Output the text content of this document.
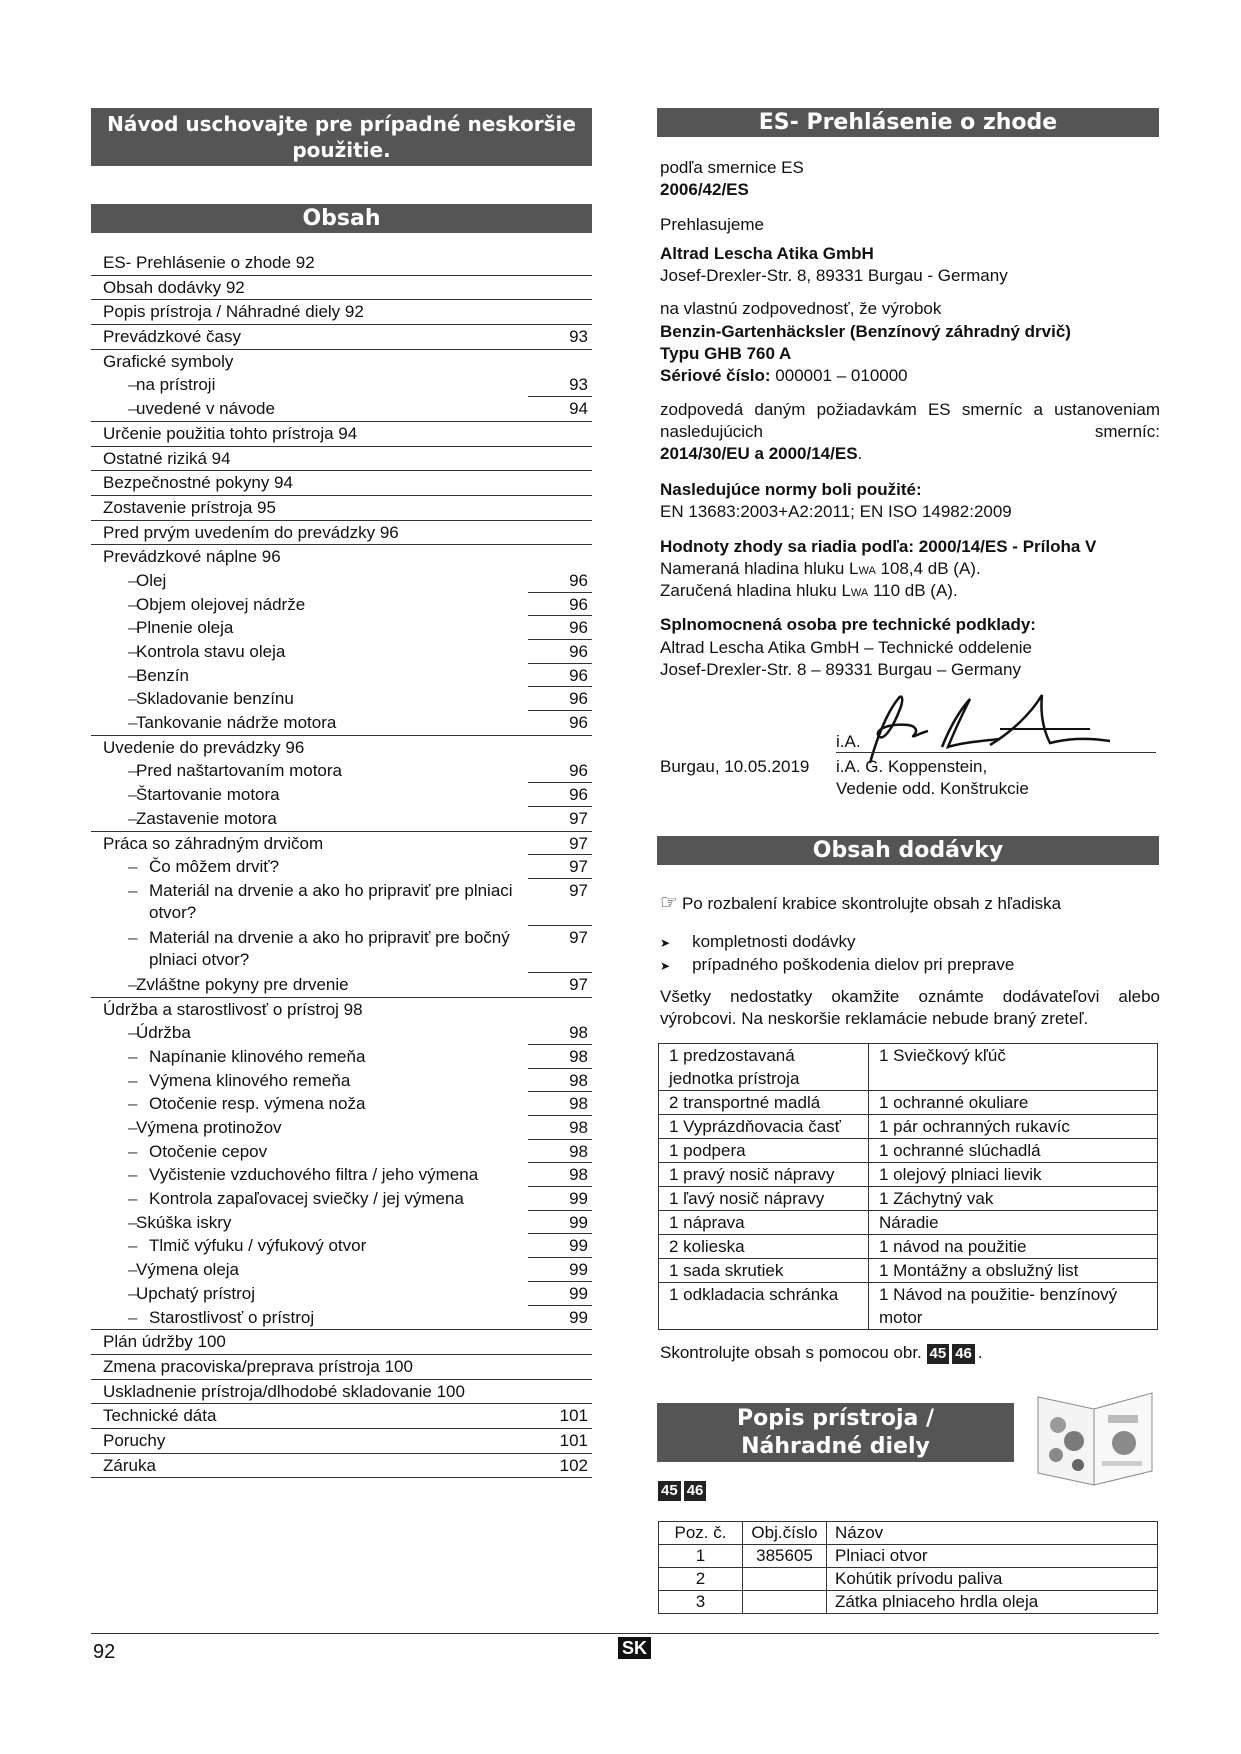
Návod uschovajte pre prípadné neskoršie použitie.
Obsah
ES- Prehlásenie o zhode 92
Obsah dodávky 92
Popis prístroja / Náhradné diely 92
Prevádzkové časy	93
Grafické symboly
–
na prístroji	93
–
uvedené v návode	94
Určenie použitia tohto prístroja 94
Ostatné riziká 94
Bezpečnostné pokyny 94
Zostavenie prístroja 95
Pred prvým uvedením do prevádzky 96
Prevádzkové náplne 96
–
Olej	96
–
Objem olejovej nádrže	96
–
Plnenie oleja	96
–
Kontrola stavu oleja	96
–
Benzín	96
–
Skladovanie benzínu	96
–
Tankovanie nádrže motora	96
Uvedenie do prevádzky 96
–
Pred naštartovaním motora	96
–
Štartovanie motora	96
–
Zastavenie motora	97
Práca so záhradným drvičom	97
– Čo môžem drviť?	97
– Materiál na drvenie a ako ho pripraviť pre plniaci otvor?
97
– Materiál na drvenie a ako ho pripraviť pre bočný plniaci otvor?
97
–
Zvláštne pokyny pre drvenie	97
Údržba a starostlivosť o prístroj 98
–
Údržba	98
– Napínanie klinového remeňa	98
– Výmena klinového remeňa	98
– Otočenie resp. výmena noža	98
–
Výmena protinožov	98
– Otočenie cepov	98
– Vyčistenie vzduchového filtra / jeho výmena	98
– Kontrola zapaľovacej sviečky / jej výmena	99
–
Skúška iskry	99
– Tlmič výfuku / výfukový otvor	99
–
Výmena oleja	99
–
Upchatý prístroj	99
– Starostlivosť o prístroj	99
Plán údržby 100
Zmena pracoviska/preprava prístroja 100
Uskladnenie prístroja/dlhodobé skladovanie 100
Technické dáta	101
Poruchy	101
Záruka	102
ES- Prehlásenie o zhode
podľa smernice ES
2006/42/ES
Prehlasujeme
Altrad Lescha Atika GmbH
Josef-Drexler-Str. 8, 89331 Burgau - Germany
na vlastnú zodpovednosť, že výrobok
Benzin-Gartenhäcksler (Benzínový záhradný drvič)
Typu GHB 760 A
Sériové číslo: 000001 – 010000
zodpovedá daným požiadavkám ES smerníc a ustanoveniam nasledujúcich smerníc:
2014/30/EU a 2000/14/ES.
Nasledujúce normy boli použité:
EN 13683:2003+A2:2011; EN ISO 14982:2009
Hodnoty zhody sa riadia podľa: 2000/14/ES - Príloha V
Nameraná hladina hluku LWA 108,4 dB (A).
Zaručená hladina hluku LWA 110 dB (A).
Splnomocnená osoba pre technické podklady:
Altrad Lescha Atika GmbH – Technické oddelenie
Josef-Drexler-Str. 8 – 89331 Burgau – Germany
i.A.
Burgau, 10.05.2019 i.A. G. Koppenstein,
Vedenie odd. Konštrukcie
Obsah dodávky
☞ Po rozbalení krabice skontrolujte obsah z hľadiska
➤ kompletnosti dodávky
➤ prípadného poškodenia dielov pri preprave
Všetky nedostatky okamžite oznámte dodávateľovi alebo výrobcovi. Na neskoršie reklamácie nebude braný zreteľ.
1 predzostavaná jednotka prístroja	1 Sviečkový kľúč
2 transportné madlá	1 ochranné okuliare
1 Vyprázdňovacia časť	1 pár ochranných rukavíc
1 podpera	1 ochranné slúchadlá
1 pravý nosič nápravy	1 olejový plniaci lievik
1 ľavý nosič nápravy	1 Záchytný vak
1 náprava	Náradie
2 kolieska	1 návod na použitie
1 sada skrutiek	1 Montážny a obslužný list
1 odkladacia schránka	1 Návod na použitie- benzínový motor
Skontrolujte obsah s pomocou obr. 45 46 .
Popis prístroja /
Náhradné diely
45 46
Poz. č.	Obj.číslo	Názov
1	385605	Plniaci otvor
2		Kohútik prívodu paliva
3		Zátka plniaceho hrdla oleja
92	SK
